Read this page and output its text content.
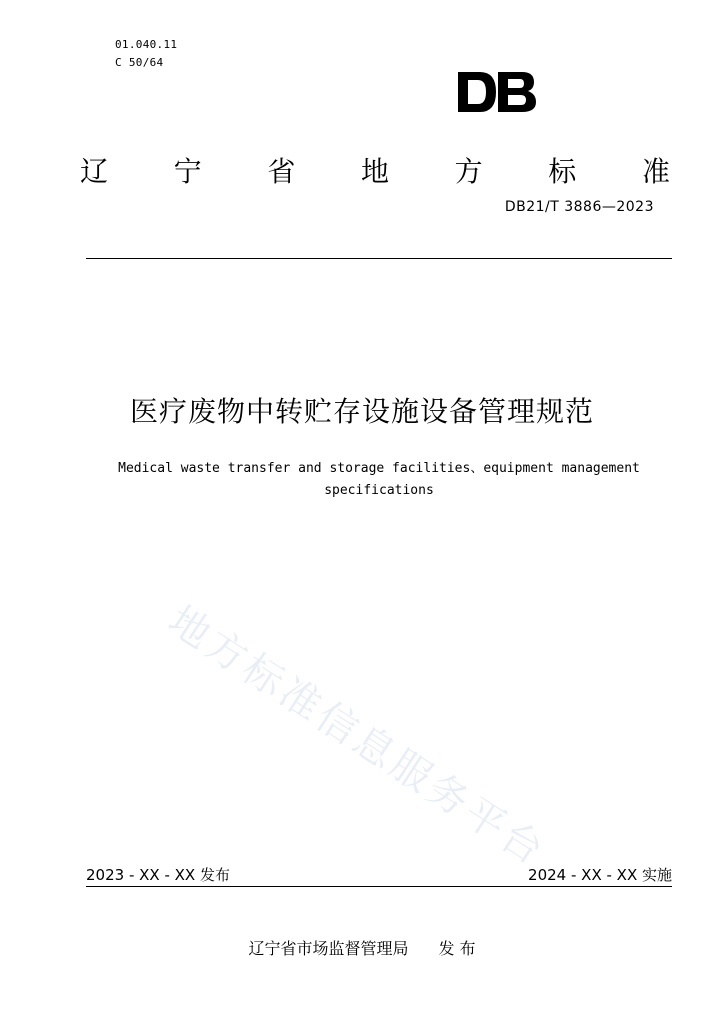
01.040.11
C 50/64
辽 宁 省 地 方 标 准
DB21/T 3886—2023
医疗废物中转贮存设施设备管理规范
Medical waste transfer and storage facilities、equipment management
specifications
地方标准信息服务平台
2023 - XX - XX 发布	2024 - XX - XX 实施
辽宁省市场监督管理局 发 布
